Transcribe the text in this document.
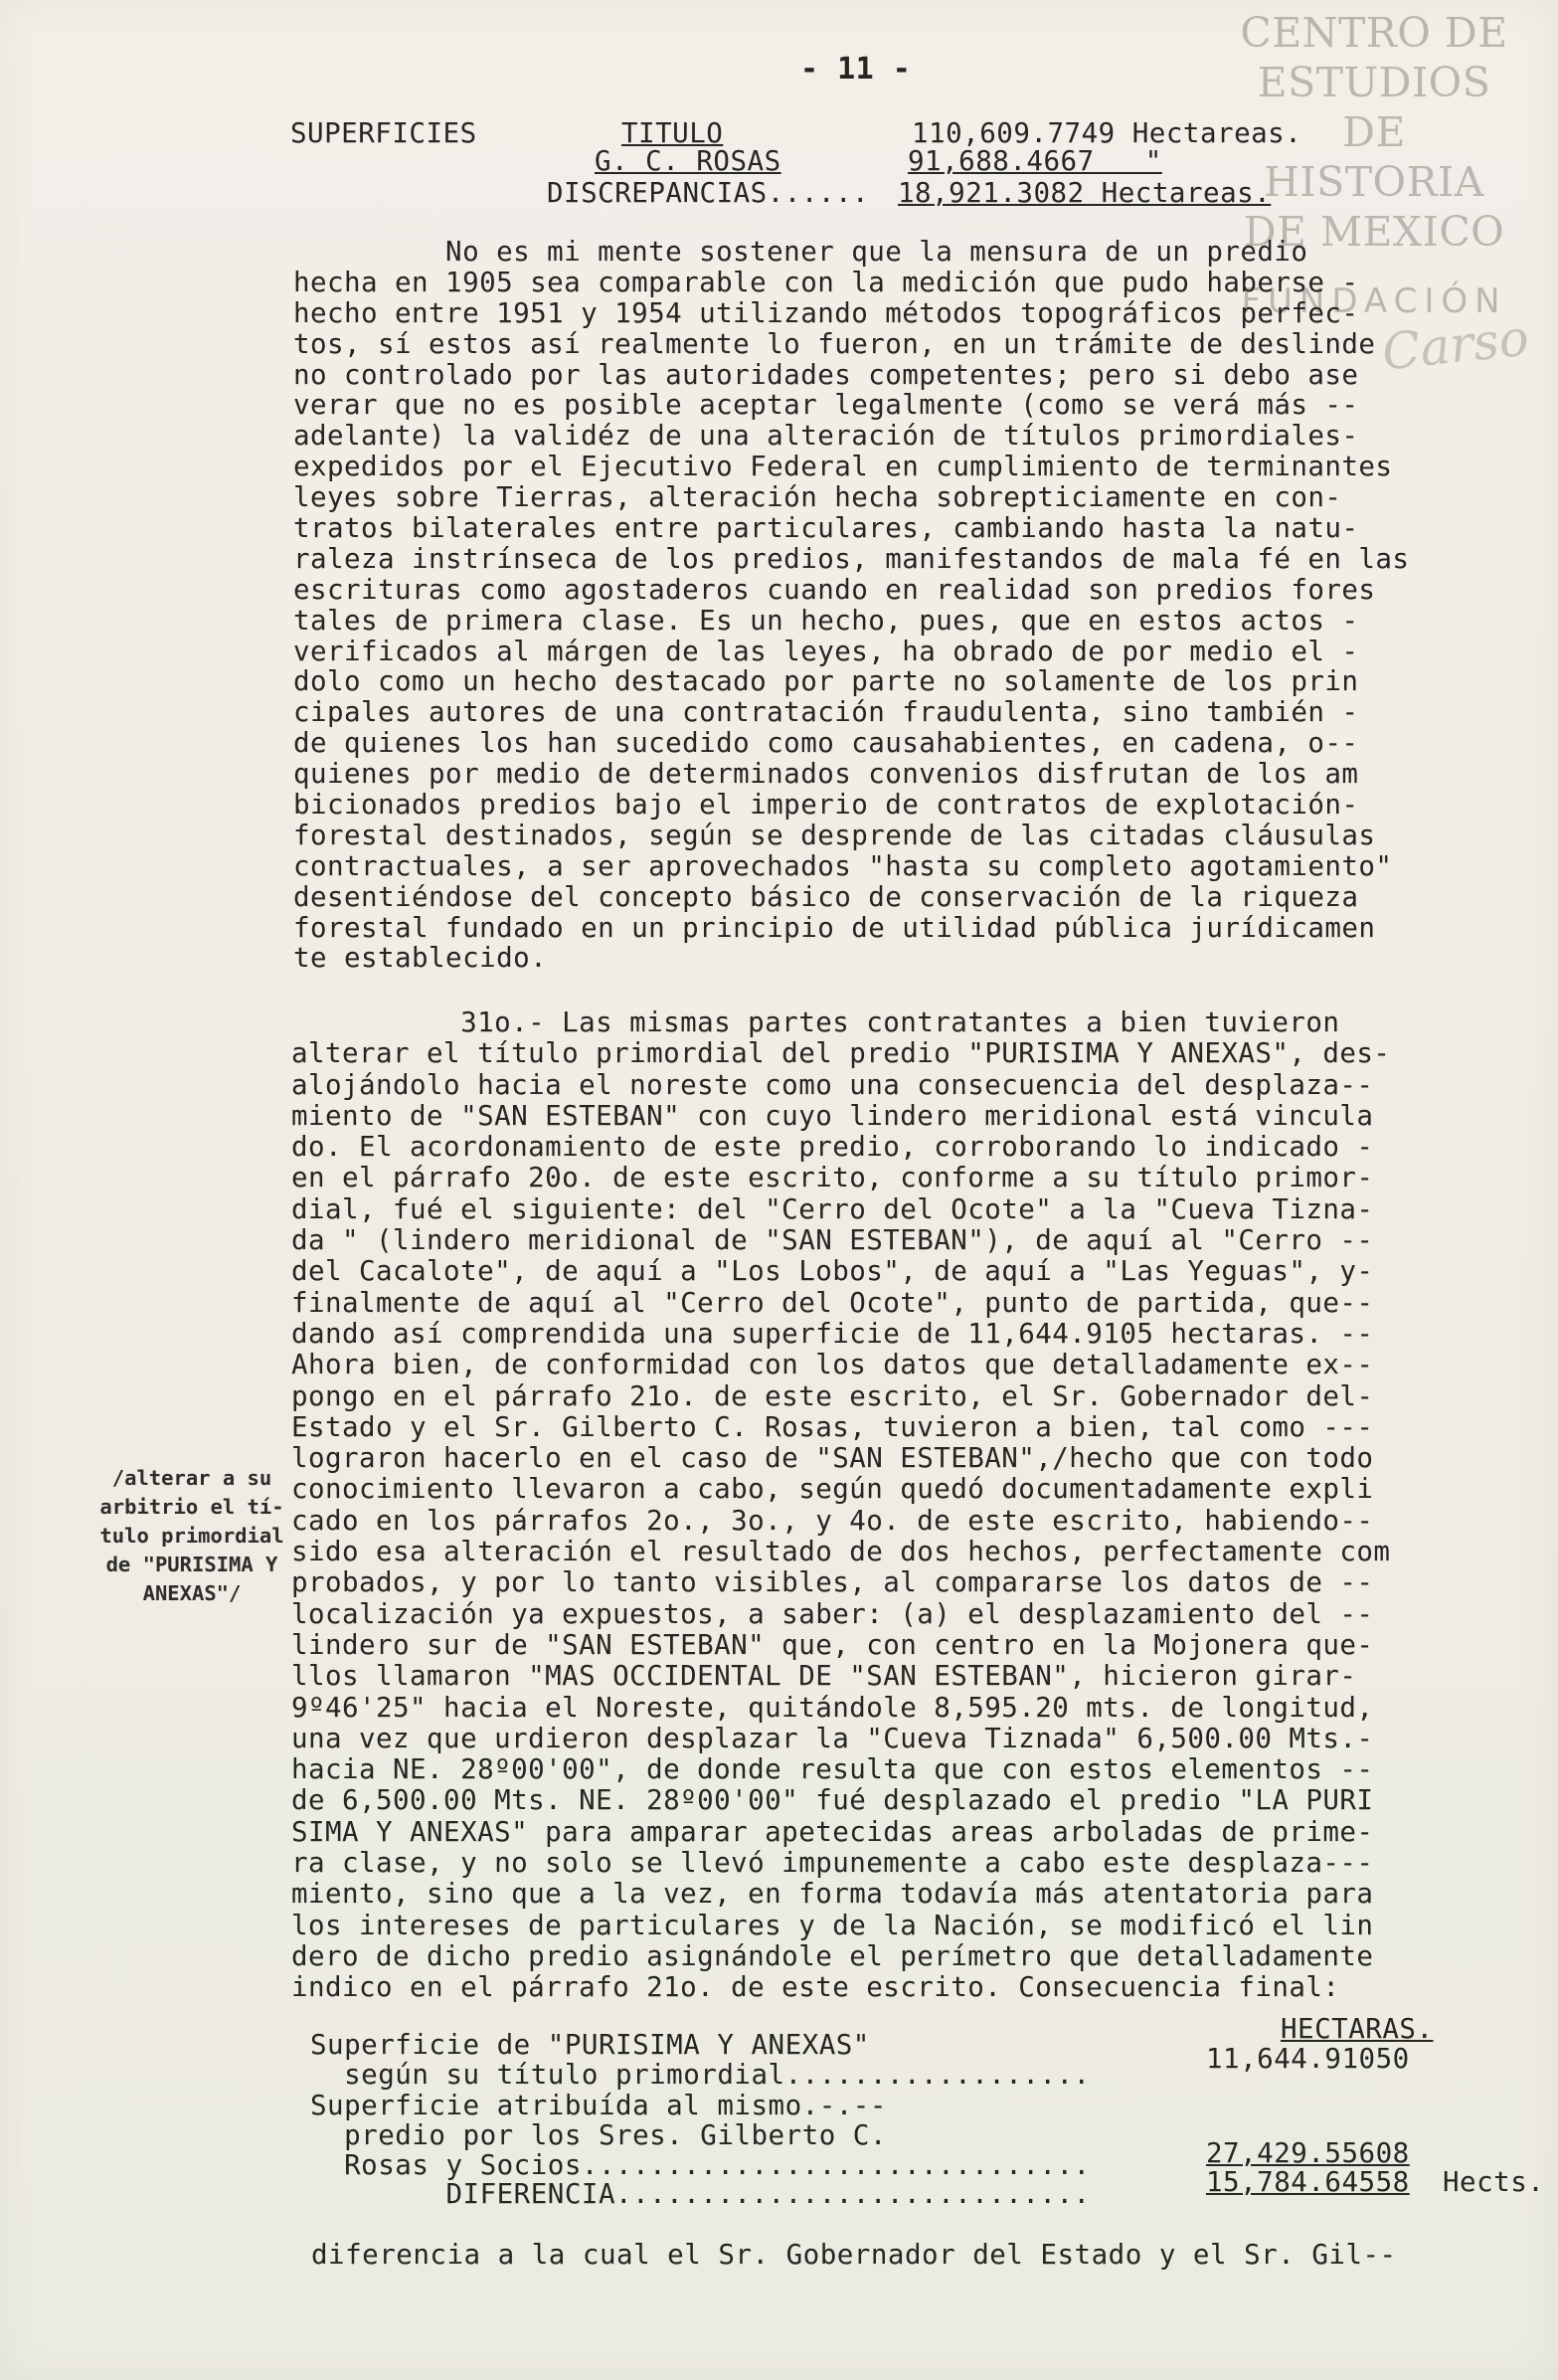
CENTRO DE
ESTUDIOS
DE HISTORIA
DE MEXICO
FUNDACIÓN
Carso
- 11 -
SUPERFICIES	TITULO	110,609.7749 Hectareas.
G. C. ROSAS	91,688.4667   "
DISCREPANCIAS...... 18,921.3082 Hectareas.
No es mi mente sostener que la mensura de un predio
hecha en 1905 sea comparable con la medición que pudo haberse -
hecho entre 1951 y 1954 utilizando métodos topográficos perfec-
tos, sí estos así realmente lo fueron, en un trámite de deslinde
no controlado por las autoridades competentes; pero si debo ase
verar que no es posible aceptar legalmente (como se verá más --
adelante) la validéz de una alteración de títulos primordiales-
expedidos por el Ejecutivo Federal en cumplimiento de terminantes
leyes sobre Tierras, alteración hecha sobrepticiamente en con-
tratos bilaterales entre particulares, cambiando hasta la natu-
raleza instrínseca de los predios, manifestandos de mala fé en las
escrituras como agostaderos cuando en realidad son predios fores
tales de primera clase. Es un hecho, pues, que en estos actos -
verificados al márgen de las leyes, ha obrado de por medio el -
dolo como un hecho destacado por parte no solamente de los prin
cipales autores de una contratación fraudulenta, sino también -
de quienes los han sucedido como causahabientes, en cadena, o--
quienes por medio de determinados convenios disfrutan de los am
bicionados predios bajo el imperio de contratos de explotación-
forestal destinados, según se desprende de las citadas cláusulas
contractuales, a ser aprovechados "hasta su completo agotamiento"
desentiéndose del concepto básico de conservación de la riqueza
forestal fundado en un principio de utilidad pública jurídicamen
te establecido.
31o.- Las mismas partes contratantes a bien tuvieron
alterar el título primordial del predio "PURISIMA Y ANEXAS", des-
alojándolo hacia el noreste como una consecuencia del desplaza--
miento de "SAN ESTEBAN" con cuyo lindero meridional está vincula
do. El acordonamiento de este predio, corroborando lo indicado -
en el párrafo 20o. de este escrito, conforme a su título primor-
dial, fué el siguiente: del "Cerro del Ocote" a la "Cueva Tizna-
da " (lindero meridional de "SAN ESTEBAN"), de aquí al "Cerro --
del Cacalote", de aquí a "Los Lobos", de aquí a "Las Yeguas", y-
finalmente de aquí al "Cerro del Ocote", punto de partida, que--
dando así comprendida una superficie de 11,644.9105 hectaras. --
Ahora bien, de conformidad con los datos que detalladamente ex--
pongo en el párrafo 21o. de este escrito, el Sr. Gobernador del-
Estado y el Sr. Gilberto C. Rosas, tuvieron a bien, tal como ---
lograron hacerlo en el caso de "SAN ESTEBAN",/hecho que con todo
conocimiento llevaron a cabo, según quedó documentadamente expli
cado en los párrafos 2o., 3o., y 4o. de este escrito, habiendo--
sido esa alteración el resultado de dos hechos, perfectamente com
probados, y por lo tanto visibles, al compararse los datos de --
localización ya expuestos, a saber: (a) el desplazamiento del --
lindero sur de "SAN ESTEBAN" que, con centro en la Mojonera que-
llos llamaron "MAS OCCIDENTAL DE "SAN ESTEBAN", hicieron girar-
9º46'25" hacia el Noreste, quitándole 8,595.20 mts. de longitud,
una vez que urdieron desplazar la "Cueva Tiznada" 6,500.00 Mts.-
hacia NE. 28º00'00", de donde resulta que con estos elementos --
de 6,500.00 Mts. NE. 28º00'00" fué desplazado el predio "LA PURI
SIMA Y ANEXAS" para amparar apetecidas areas arboladas de prime-
ra clase, y no solo se llevó impunemente a cabo este desplaza---
miento, sino que a la vez, en forma todavía más atentatoria para
los intereses de particulares y de la Nación, se modificó el lin
dero de dicho predio asignándole el perímetro que detalladamente
indico en el párrafo 21o. de este escrito. Consecuencia final:
/alterar a su
arbitrio el tí-
tulo primordial
de "PURISIMA Y
ANEXAS"/
HECTARAS.
Superficie de "PURISIMA Y ANEXAS"
según su título primordial..................	11,644.91050
Superficie atribuída al mismo.-.--
predio por los Sres. Gilberto C.
Rosas y Socios..............................	27,429.55608
DIFERENCIA............................	15,784.64558 Hects.
diferencia a la cual el Sr. Gobernador del Estado y el Sr. Gil--
